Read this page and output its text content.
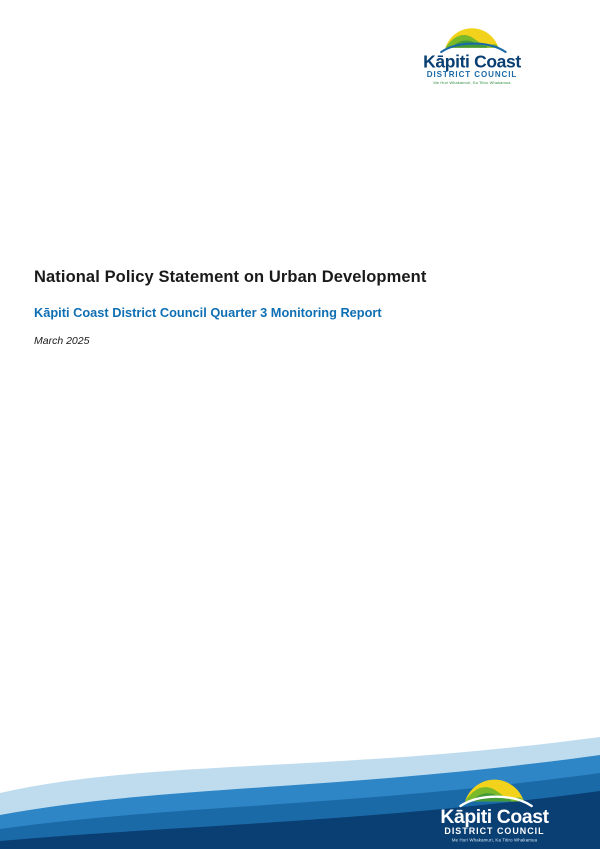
Kāpiti Coast
DISTRICT COUNCIL
Me Huri Whakamuri, Ka Titiro Whakamua
National Policy Statement on Urban Development
Kāpiti Coast District Council Quarter 3 Monitoring Report

March 2025

Kāpiti Coast
DISTRICT COUNCIL
Me Huri Whakamuri, Ka Titiro Whakamua
